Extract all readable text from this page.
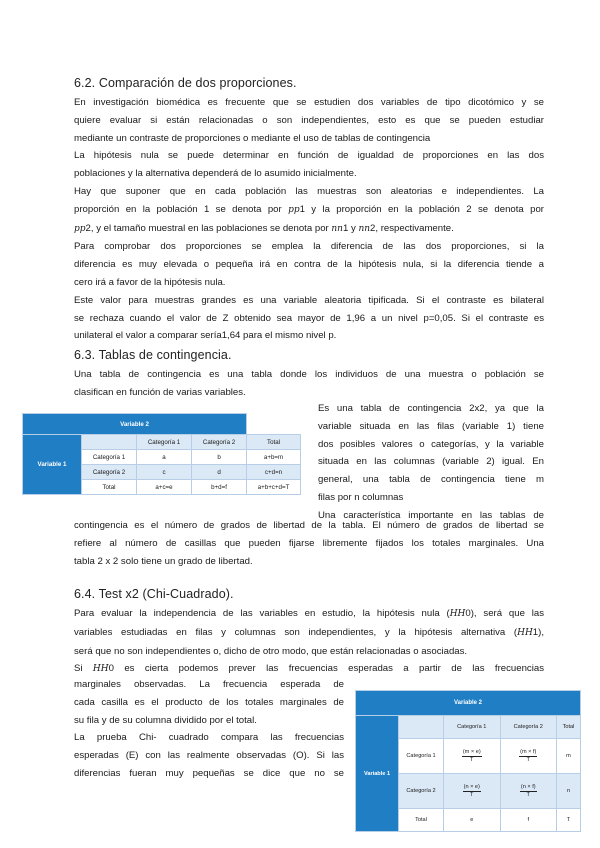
6.2. Comparación de dos proporciones.
En investigación biomédica es frecuente que se estudien dos variables de tipo dicotómico y se
quiere evaluar si están relacionadas o son independientes, esto es que se pueden estudiar
mediante un contraste de proporciones o mediante el uso de tablas de contingencia
La hipótesis nula se puede determinar en función de igualdad de proporciones en las dos
poblaciones y la alternativa dependerá de lo asumido inicialmente.
Hay que suponer que en cada población las muestras son aleatorias e independientes. La
proporción en la población 1 se denota por pp1 y la proporción en la población 2 se denota por
pp2, y el tamaño muestral en las poblaciones se denota por nn1 y nn2, respectivamente.
Para comprobar dos proporciones se emplea la diferencia de las dos proporciones, si la
diferencia es muy elevada o pequeña irá en contra de la hipótesis nula, si la diferencia tiende a
cero irá a favor de la hipótesis nula.
Este valor para muestras grandes es una variable aleatoria tipificada. Si el contraste es bilateral
se rechaza cuando el valor de Z obtenido sea mayor de 1,96 a un nivel p=0,05. Si el contraste es
unilateral el valor a comparar sería1,64 para el mismo nivel p.
6.3. Tablas de contingencia.
Una tabla de contingencia es una tabla donde los individuos de una muestra o población se
clasifican en función de varias variables.
Variable 2				
Variable 1		Categoría 1	Categoría 2	Total
	Categoría 1	a	b	a+b=m
	Categoría 2	c	d	c+d=n
	Total	a+c=e	b+d=f	a+b+c+d=T
Es una tabla de contingencia 2x2, ya que la
variable situada en las filas (variable 1) tiene
dos posibles valores o categorías, y la variable
situada en las columnas (variable 2) igual. En
general, una tabla de contingencia tiene m
filas por n columnas
Una característica importante en las tablas de
contingencia es el número de grados de libertad de la tabla. El número de grados de libertad se
refiere al número de casillas que pueden fijarse libremente fijados los totales marginales. Una
tabla 2 x 2 solo tiene un grado de libertad.
6.4. Test x2 (Chi-Cuadrado).
Para evaluar la independencia de las variables en estudio, la hipótesis nula (HH0), será que las
variables estudiadas en filas y columnas son independientes, y la hipótesis alternativa (HH1),
será que no son independientes o, dicho de otro modo, que están relacionadas o asociadas.
Si HH0 es cierta podemos prever las frecuencias esperadas a partir de las frecuencias
marginales observadas. La frecuencia esperada de
cada casilla es el producto de los totales marginales de
su fila y de su columna dividido por el total.
La prueba Chi- cuadrado compara las frecuencias
esperadas (E) con las realmente observadas (O). Si las
diferencias fueran muy pequeñas se dice que no se
Variable 2				
Variable 1		Categoría 1	Categoría 2	Total
	Categoría 1	$\frac{(m \times e)}{T}$	$\frac{(m \times f)}{T}$	m
	Categoría 2	$\frac{(n \times e)}{T}$	$\frac{(n \times f)}{T}$	n
	Total	e	f	T
